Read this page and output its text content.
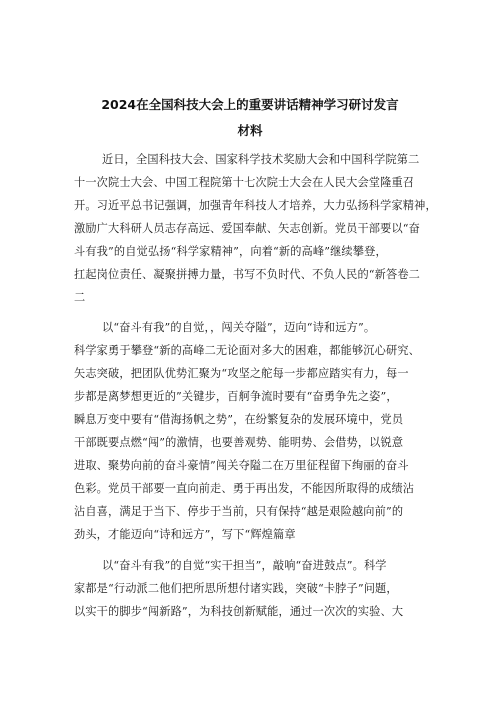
2024在全国科技大会上的重要讲话精神学习研讨发言
材料
近日，全国科技大会、国家科学技术奖励大会和中国科学院第二
十一次院士大会、中国工程院第十七次院士大会在人民大会堂隆重召
开。习近平总书记强调，加强青年科技人才培养，大力弘扬科学家精神，
激励广大科研人员志存高远、爱国奉献、矢志创新。党员干部要以“奋
斗有我”的自觉弘扬“科学家精神”，向着“新的高峰”继续攀登，
扛起岗位责任、凝聚拼搏力量，书写不负时代、不负人民的“新答卷二
二
以“奋斗有我”的自觉，，闯关夺隘”，迈向“诗和远方”。
科学家勇于攀登“新的高峰二无论面对多大的困难，都能够沉心研究、
矢志突破，把团队优势汇聚为“攻坚之舵每一步都应踏实有力，每一
步都是离梦想更近的”关键步，百舸争流时要有“奋勇争先之姿”，
瞬息万变中要有“借海扬帆之势”，在纷繁复杂的发展环境中，党员
干部既要点燃“闯”的激情，也要善观势、能明势、会借势，以锐意
进取、聚势向前的奋斗豪情”闯关夺隘二在万里征程留下绚丽的奋斗
色彩。党员干部要一直向前走、勇于再出发，不能因所取得的成绩沾
沾自喜，满足于当下、停步于当前，只有保持“越是艰险越向前”的
劲头，才能迈向“诗和远方”，写下“辉煌篇章
以“奋斗有我”的自觉“实干担当”，敲响“奋进鼓点”。科学
家都是“行动派二他们把所思所想付诸实践，突破“卡脖子”问题，
以实干的脚步“闯新路”，为科技创新赋能，通过一次次的实验、大
